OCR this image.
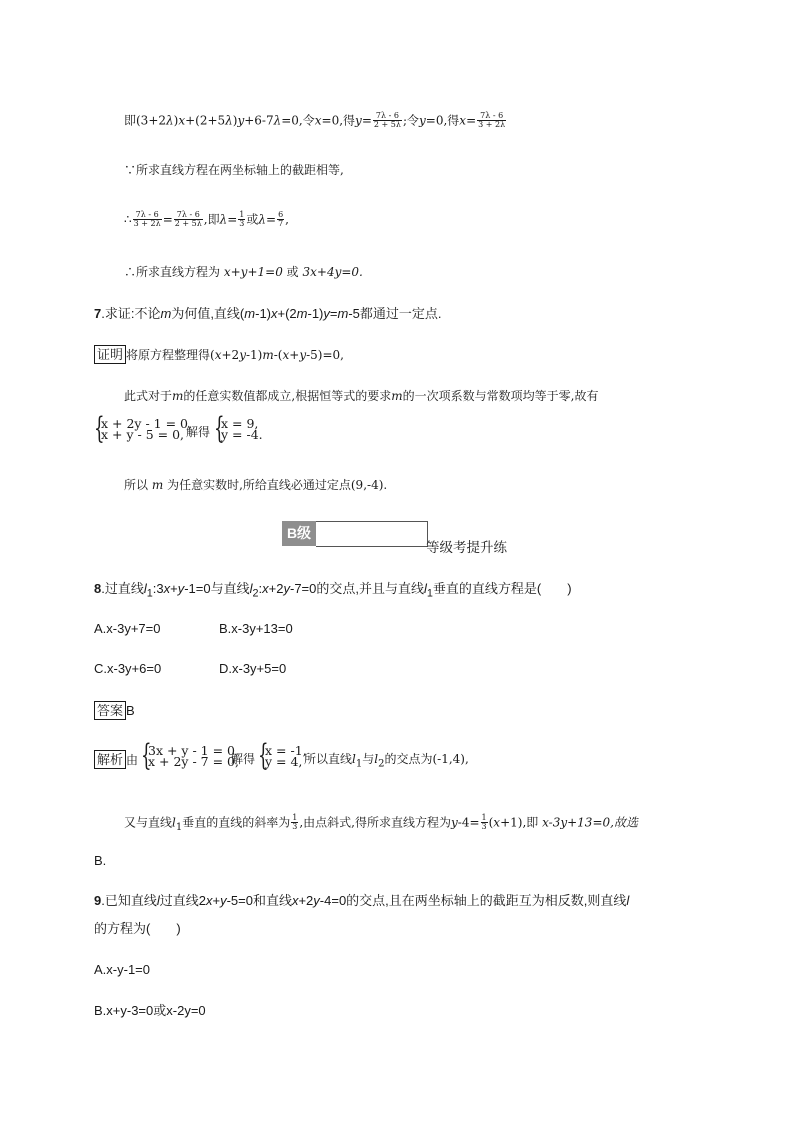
即(3+2λ)x+(2+5λ)y+6-7λ=0,令x=0,得$y= \frac{7\lambda - 6}{2 + 5\lambda}$ ;令y=0,得$x= \frac{7\lambda - 6}{3 + 2\lambda}$
∵所求直线方程在两坐标轴上的截距相等,
∴ $\frac{7\lambda - 6}{3 + 2\lambda} = \frac{7\lambda - 6}{2 + 5\lambda}$ ,即$\lambda= \frac{1}{3}$ 或$\lambda= \frac{6}{7}$ ,
∴所求直线方程为 x+y+1=0 或 3x+4y=0.
7.求证:不论m为何值,直线(m-1)x+(2m-1)y=m-5都通过一定点.
证明 将原方程整理得(x+2y-1)m-(x+y-5)=0,
此式对于m的任意实数值都成立,根据恒等式的要求m的一次项系数与常数项均等于零,故有
{
x + 2y - 1 = 0,
x + y - 5 = 0, 解得 {
x = 9,
y = -4.
所以 m 为任意实数时,所给直线必通过定点(9,-4).
B级
等级考提升练
8.过直线$l_1:3x+y-1=0$与直线$l_2:x+2y-7=0$的交点,并且与直线$l_1$垂直的直线方程是(　　)
A.x-3y+7=0	B.x-3y+13=0
C.x-3y+6=0	D.x-3y+5=0
答案 B
解析 由 {
3x + y - 1 = 0,
x + 2y - 7 = 0,
解得 {
x = -1,
y = 4, 所以直线$l_1$与$l_2$的交点为(-1,4),
又与直线$l_1$垂直的直线的斜率为 $\frac{1}{3}$ ,由点斜式,得所求直线方程为$y-4= \frac{1}{3} (x+1)$,即 x-3y+13=0,故选
B.
9.已知直线l过直线2x+y-5=0和直线x+2y-4=0的交点,且在两坐标轴上的截距互为相反数,则直线l
的方程为(　　)
A.x-y-1=0
B.x+y-3=0或x-2y=0
